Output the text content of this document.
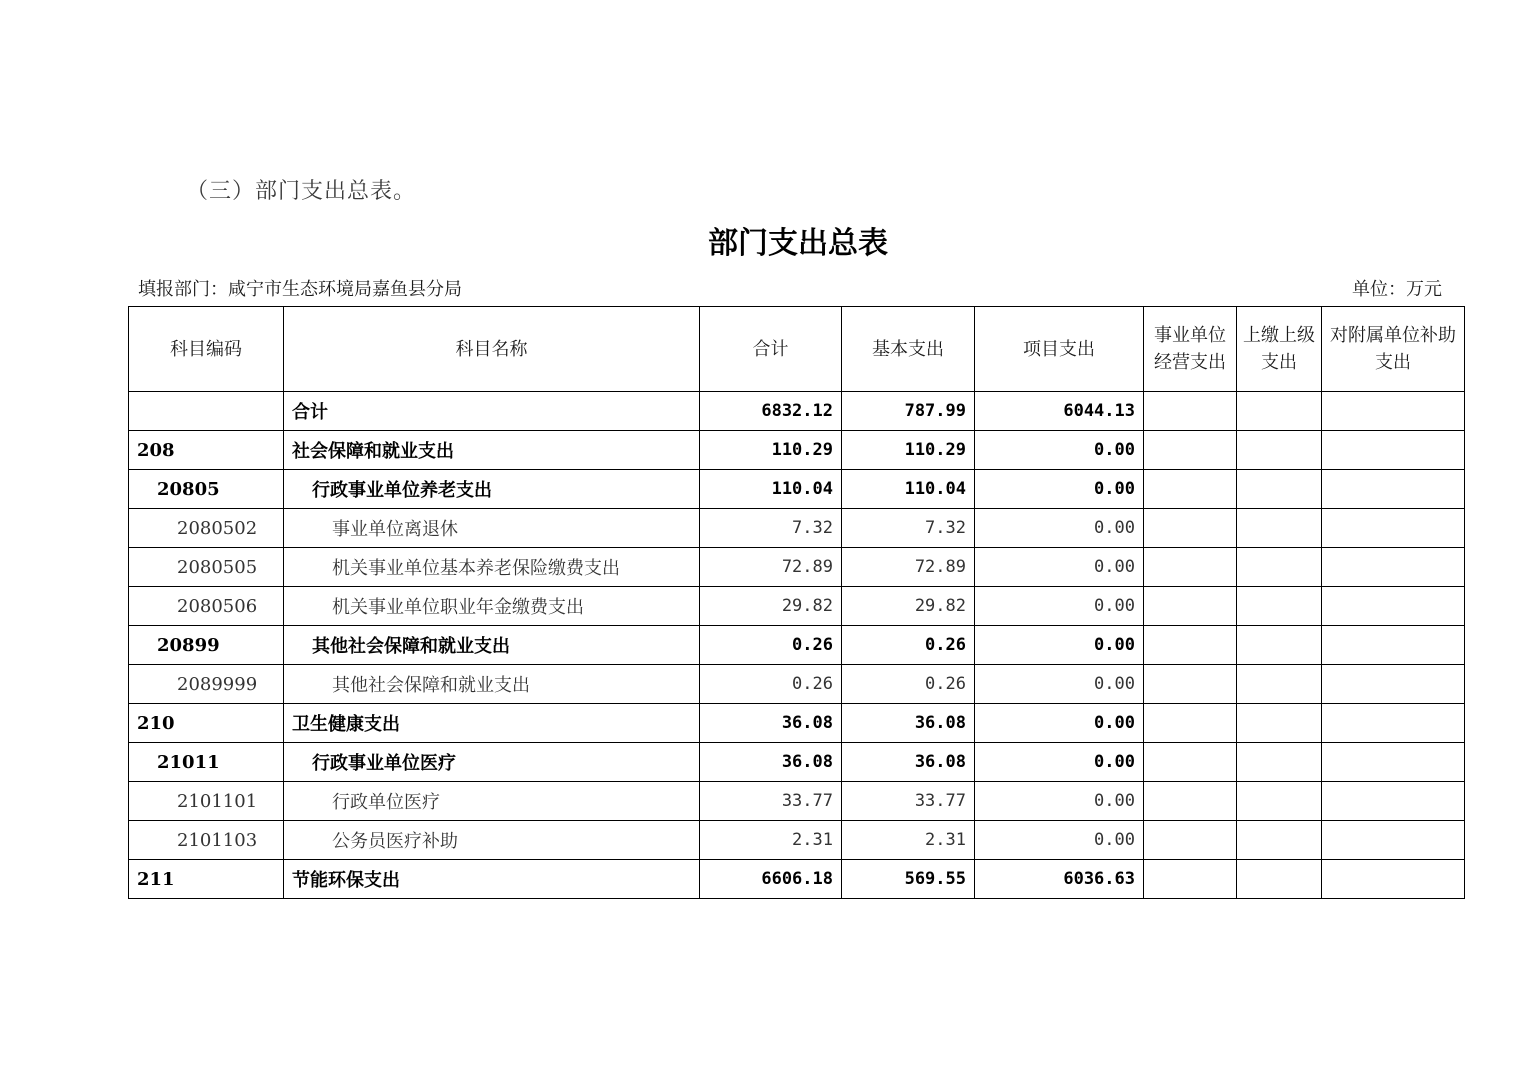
（三）部门支出总表。
部门支出总表
填报部门：咸宁市生态环境局嘉鱼县分局	单位：万元
科目编码	科目名称	合计	基本支出	项目支出	事业单位经营支出	上缴上级支出	对附属单位补助支出
	合计	6832.12	787.99	6044.13			
208	社会保障和就业支出	110.29	110.29	0.00			
20805	行政事业单位养老支出	110.04	110.04	0.00			
2080502	事业单位离退休	7.32	7.32	0.00			
2080505	机关事业单位基本养老保险缴费支出	72.89	72.89	0.00			
2080506	机关事业单位职业年金缴费支出	29.82	29.82	0.00			
20899	其他社会保障和就业支出	0.26	0.26	0.00			
2089999	其他社会保障和就业支出	0.26	0.26	0.00			
210	卫生健康支出	36.08	36.08	0.00			
21011	行政事业单位医疗	36.08	36.08	0.00			
2101101	行政单位医疗	33.77	33.77	0.00			
2101103	公务员医疗补助	2.31	2.31	0.00			
211	节能环保支出	6606.18	569.55	6036.63			
